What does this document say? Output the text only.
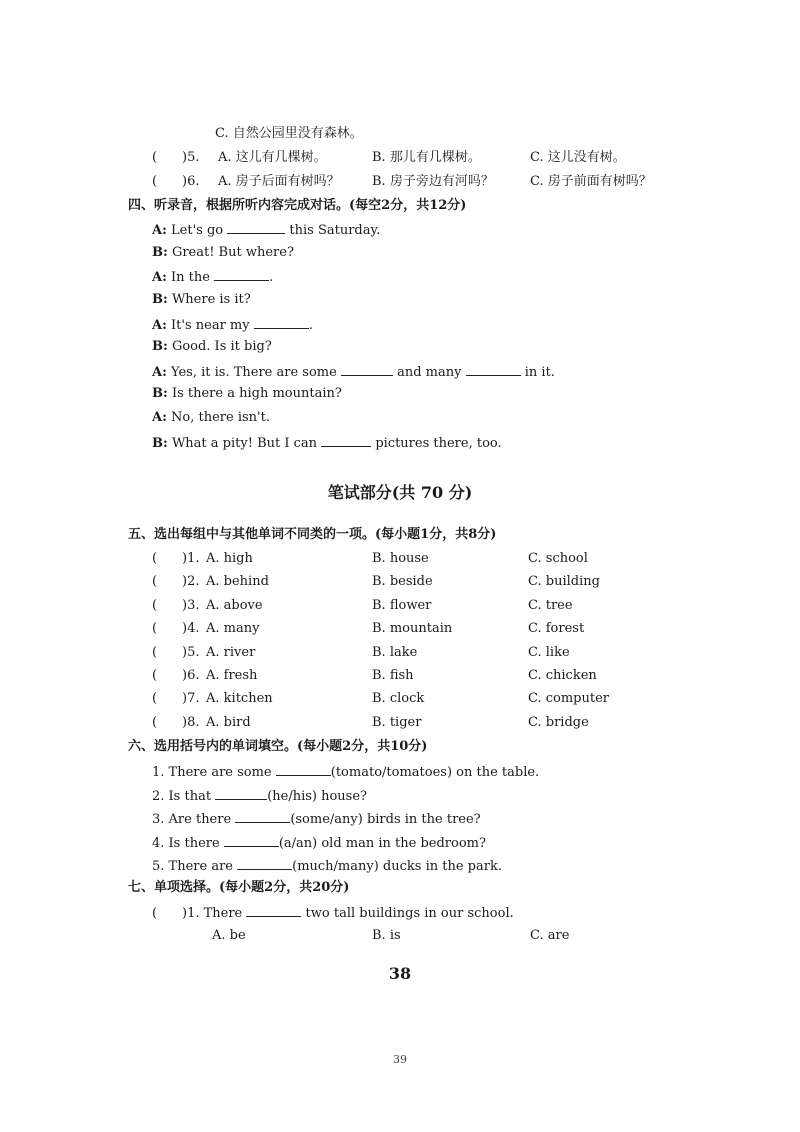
C. 自然公园里没有森林。
( )5. A. 这儿有几棵树。	B. 那儿有几棵树。	C. 这儿没有树。
( )6. A. 房子后面有树吗？ B. 房子旁边有河吗？	C. 房子前面有树吗？
四、听录音，根据所听内容完成对话。(每空2分，共12分)
A: Let's go	this Saturday.
B: Great! But where?
A: In the	.
B: Where is it?
A: It's near my	.
B: Good. Is it big?
A: Yes, it is. There are some	and many	in it.
B: Is there a high mountain?
A: No, there isn't.
B: What a pity! But I can	pictures there, too.
笔试部分(共 70 分)
五、选出每组中与其他单词不同类的一项。(每小题1分，共8分)
( )1. A. high	B. house	C. school
( )2. A. behind	B. beside	C. building
( )3. A. above	B. flower	C. tree
( )4. A. many	B. mountain	C. forest
( )5. A. river	B. lake	C. like
( )6. A. fresh	B. fish	C. chicken
( )7. A. kitchen	B. clock	C. computer
( )8. A. bird	B. tiger	C. bridge
六、选用括号内的单词填空。(每小题2分，共10分)
1. There are some	(tomato/tomatoes) on the table.
2. Is that	(he/his) house?
3. Are there	(some/any) birds in the tree?
4. Is there	(a/an) old man in the bedroom?
5. There are	(much/many) ducks in the park.
七、单项选择。(每小题2分，共20分)
( )1. There	two tall buildings in our school.
A. be	B. is	C. are
38
39
